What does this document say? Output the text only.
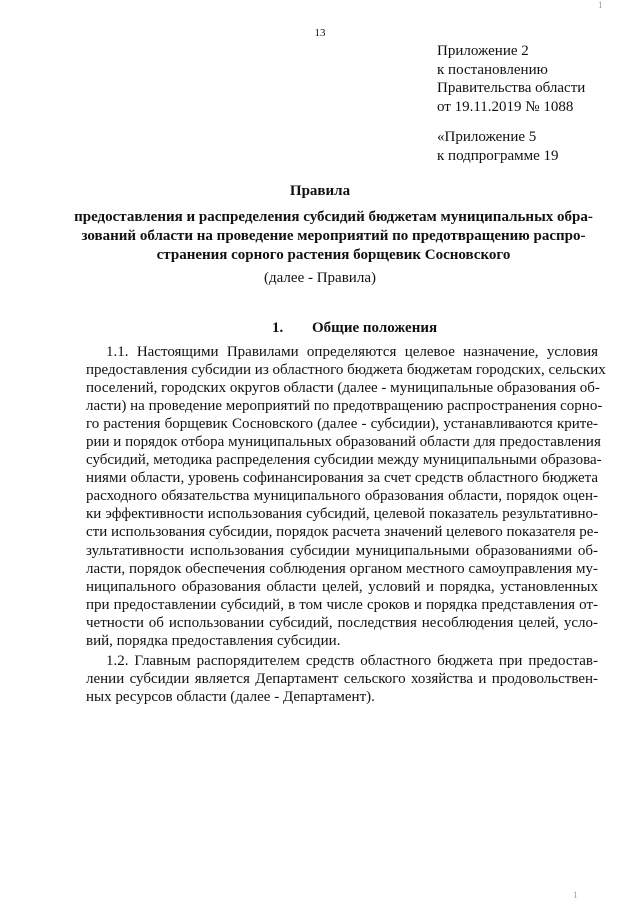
13
Приложение 2
к постановлению
Правительства области
от 19.11.2019 № 1088
«Приложение 5
к подпрограмме 19
Правила
предоставления и распределения субсидий бюджетам муниципальных обра-
зований области на проведение мероприятий по предотвращению распро-
странения сорного растения борщевик Сосновского
(далее - Правила)
1. Общие положения
1.1. Настоящими Правилами определяются целевое назначение, условия
предоставления субсидии из областного бюджета бюджетам городских, сельских
поселений, городских округов области (далее - муниципальные образования об-
ласти) на проведение мероприятий по предотвращению распространения сорно-
го растения борщевик Сосновского (далее - субсидии), устанавливаются крите-
рии и порядок отбора муниципальных образований области для предоставления
субсидий, методика распределения субсидии между муниципальными образова-
ниями области, уровень софинансирования за счет средств областного бюджета
расходного обязательства муниципального образования области, порядок оцен-
ки эффективности использования субсидий, целевой показатель результативно-
сти использования субсидии, порядок расчета значений целевого показателя ре-
зультативности использования субсидии муниципальными образованиями об-
ласти, порядок обеспечения соблюдения органом местного самоуправления му-
ниципального образования области целей, условий и порядка, установленных
при предоставлении субсидий, в том числе сроков и порядка представления от-
четности об использовании субсидий, последствия несоблюдения целей, усло-
вий, порядка предоставления субсидии.
1.2. Главным распорядителем средств областного бюджета при предостав-
лении субсидии является Департамент сельского хозяйства и продовольствен-
ных ресурсов области (далее - Департамент).
1
1
